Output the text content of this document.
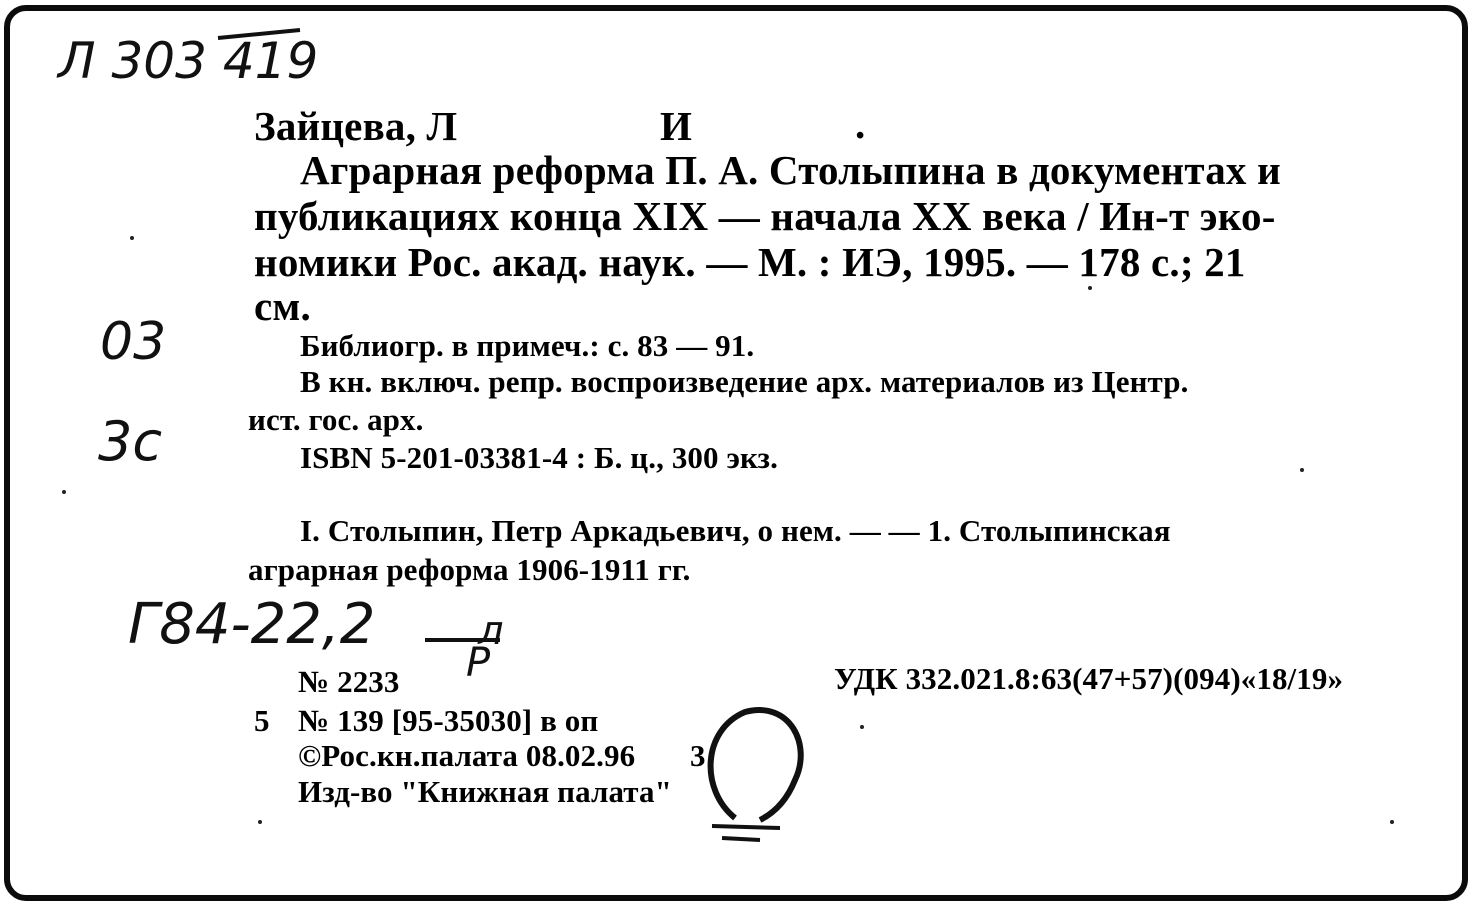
Л 303 419
03
3с
Г84-22,2	л
Р
Зайцева, Л	И	.
Аграрная реформа П. А. Столыпина в документах и
публикациях конца XIX — начала XX века / Ин-т эко-
номики Рос. акад. наук. — М. : ИЭ, 1995. — 178 с.; 21
см.
Библиогр. в примеч.: с. 83 — 91.
В кн. включ. репр. воспроизведение арх. материалов из Центр.
ист. гос. арх.
ISBN 5-201-03381-4 : Б. ц., 300 экз.
I. Столыпин, Петр Аркадьевич, о нем. — — 1. Столыпинская
аграрная реформа 1906-1911 гг.
№ 2233	УДК 332.021.8:63(47+57)(094)«18/19»
5 № 139 [95-35030] в оп
©Рос.кн.палата 08.02.96 3
Изд-во "Книжная палата"
